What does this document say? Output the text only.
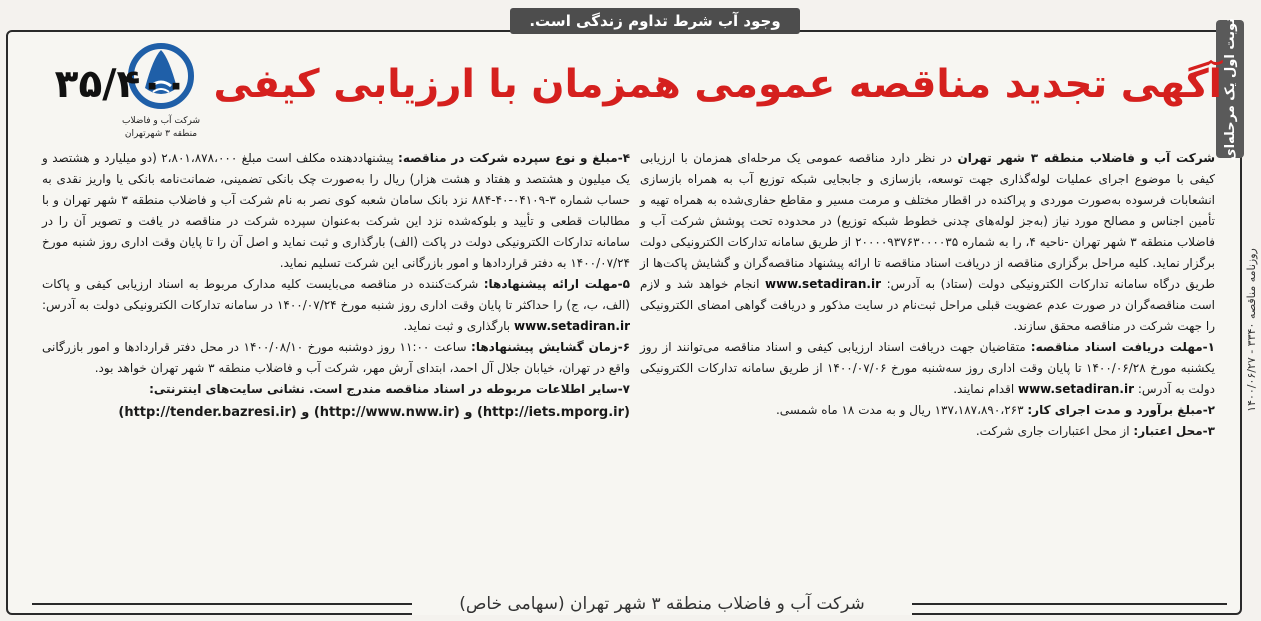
وجود آب شرط تداوم زندگی است.	نوبت اول یک مرحله‌ای
روزنامه مناقصه ۳۳۴۰ - ۱۴۰۰/۰۶/۲۷
شرکت آب و فاضلاب
منطقه ۳ شهرتهران
آگهی تجدید مناقصه عمومی همزمان با ارزیابی کیفی ۳۵/۴۰۰

شرکت آب و فاضلاب منطقه ۳ شهر تهران در نظر دارد مناقصه عمومی یک مرحله‌ای همزمان با ارزیابی کیفی با موضوع اجرای عملیات لوله‌گذاری جهت توسعه، بازسازی و جابجایی شبکه توزیع آب به همراه بازسازی انشعابات فرسوده به‌صورت موردی و پراکنده در اقطار مختلف و مرمت مسیر و مقاطع حفاری‌شده به همراه تهیه و تأمین اجناس و مصالح مورد نیاز (به‌جز لوله‌های چدنی خطوط شبکه توزیع) در محدوده تحت پوشش شرکت آب و فاضلاب منطقه ۳ شهر تهران -ناحیه ۴، را به شماره ۲۰۰۰۰۹۳۷۶۳۰۰۰۰۳۵ از طریق سامانه تدارکات الکترونیکی دولت برگزار نماید. کلیه مراحل برگزاری مناقصه از دریافت اسناد مناقصه تا ارائه پیشنهاد مناقصه‌گران و گشایش پاکت‌ها از طریق درگاه سامانه تدارکات الکترونیکی دولت (ستاد) به آدرس: www.setadiran.ir انجام خواهد شد و لازم است مناقصه‌گران در صورت عدم عضویت قبلی مراحل ثبت‌نام در سایت مذکور و دریافت گواهی امضای الکترونیکی را جهت شرکت در مناقصه محقق سازند.

۱-مهلت دریافت اسناد مناقصه: متقاضیان جهت دریافت اسناد ارزیابی کیفی و اسناد مناقصه می‌توانند از روز یکشنبه مورخ ۱۴۰۰/۰۶/۲۸ تا پایان وقت اداری روز سه‌شنبه مورخ ۱۴۰۰/۰۷/۰۶ از طریق سامانه تدارکات الکترونیکی دولت به آدرس: www.setadiran.ir اقدام نمایند.

۲-مبلغ برآورد و مدت اجرای کار: ۱۳۷،۱۸۷،۸۹۰،۲۶۳ ریال و به مدت ۱۸ ماه شمسی.

۳-محل اعتبار: از محل اعتبارات جاری شرکت.

۴-مبلغ و نوع سپرده شرکت در مناقصه: پیشنهاددهنده مکلف است مبلغ ۲،۸۰۱،۸۷۸،۰۰۰ (دو میلیارد و هشتصد و یک میلیون و هشتصد و هفتاد و هشت هزار) ریال را به‌صورت چک بانکی تضمینی، ضمانت‌نامه بانکی یا واریز نقدی به حساب شماره ۳-۰۴۱۰۹-۴۰-۸۸۴ نزد بانک سامان شعبه کوی نصر به نام شرکت آب و فاضلاب منطقه ۳ شهر تهران و با مطالبات قطعی و تأیید و بلوکه‌شده نزد این شرکت به‌عنوان سپرده شرکت در مناقصه در یافت و تصویر آن را در سامانه تدارکات الکترونیکی دولت در پاکت (الف) بارگذاری و ثبت نماید و اصل آن را تا پایان وقت اداری روز شنبه مورخ ۱۴۰۰/۰۷/۲۴ به دفتر قراردادها و امور بازرگانی این شرکت تسلیم نماید.

۵-مهلت ارائه پیشنهادها: شرکت‌کننده در مناقصه می‌بایست کلیه مدارک مربوط به اسناد ارزیابی کیفی و پاکات (الف، ب، ج) را حداکثر تا پایان وقت اداری روز شنبه مورخ ۱۴۰۰/۰۷/۲۴ در سامانه تدارکات الکترونیکی دولت به آدرس: www.setadiran.ir بارگذاری و ثبت نماید.

۶-زمان گشایش پیشنهادها: ساعت ۱۱:۰۰ روز دوشنبه مورخ ۱۴۰۰/۰۸/۱۰ در محل دفتر قراردادها و امور بازرگانی واقع در تهران، خیابان جلال آل احمد، ابتدای آرش مهر، شرکت آب و فاضلاب منطقه ۳ شهر تهران خواهد بود.

۷-سایر اطلاعات مربوطه در اسناد مناقصه مندرج است. نشانی سایت‌های اینترنتی:

(http://iets.mporg.ir) و (http://www.nww.ir) و (http://tender.bazresi.ir)

شرکت آب و فاضلاب منطقه ۳ شهر تهران (سهامی خاص)
